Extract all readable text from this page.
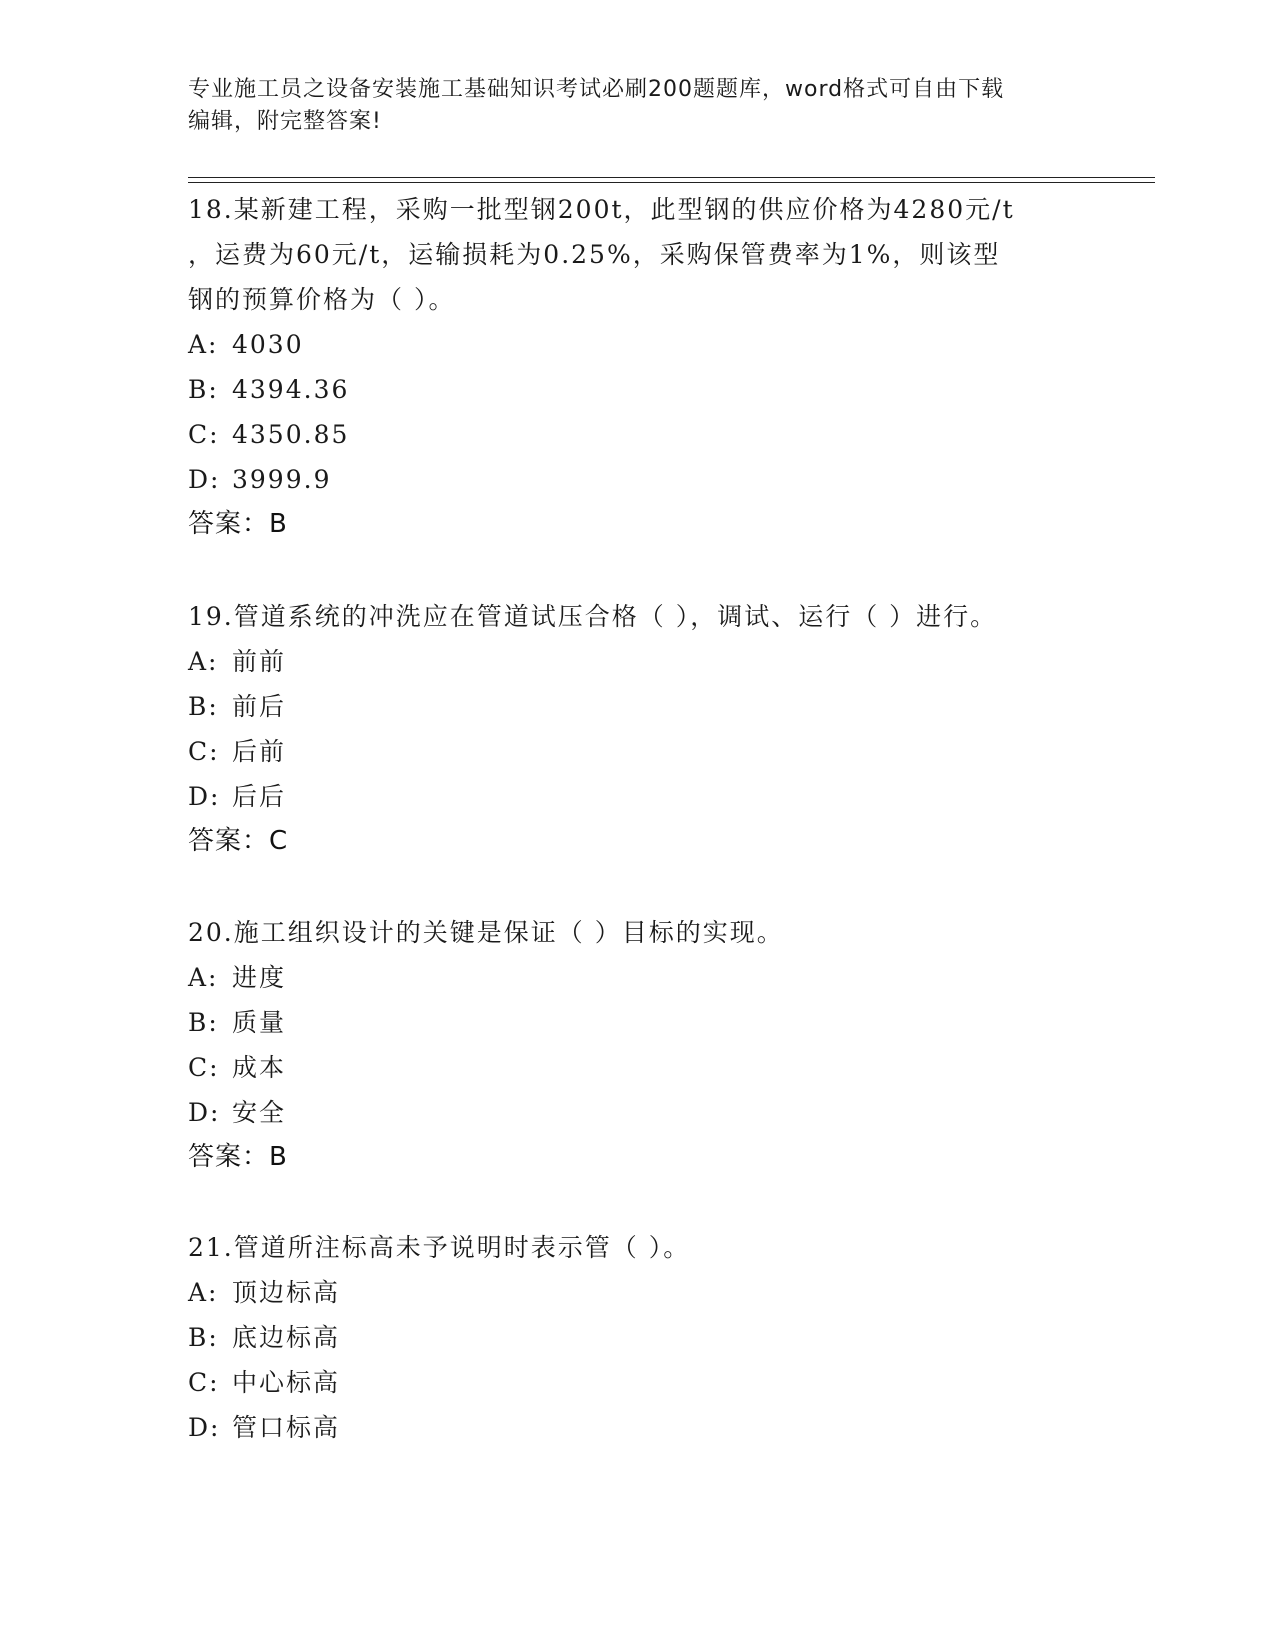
专业施工员之设备安装施工基础知识考试必刷200题题库，word格式可自由下载
编辑，附完整答案!

18.某新建工程，采购一批型钢200t，此型钢的供应价格为4280元/t

，运费为60元/t，运输损耗为0.25%，采购保管费率为1%，则该型

钢的预算价格为（ ）。

A: 4030

B: 4394.36

C: 4350.85

D: 3999.9

答案：B

19.管道系统的冲洗应在管道试压合格（ ），调试、运行（ ）进行。

A: 前前

B: 前后

C: 后前

D: 后后

答案：C

20.施工组织设计的关键是保证（ ）目标的实现。

A: 进度

B: 质量

C: 成本

D: 安全

答案：B

21.管道所注标高未予说明时表示管（ ）。

A: 顶边标高

B: 底边标高

C: 中心标高

D: 管口标高
